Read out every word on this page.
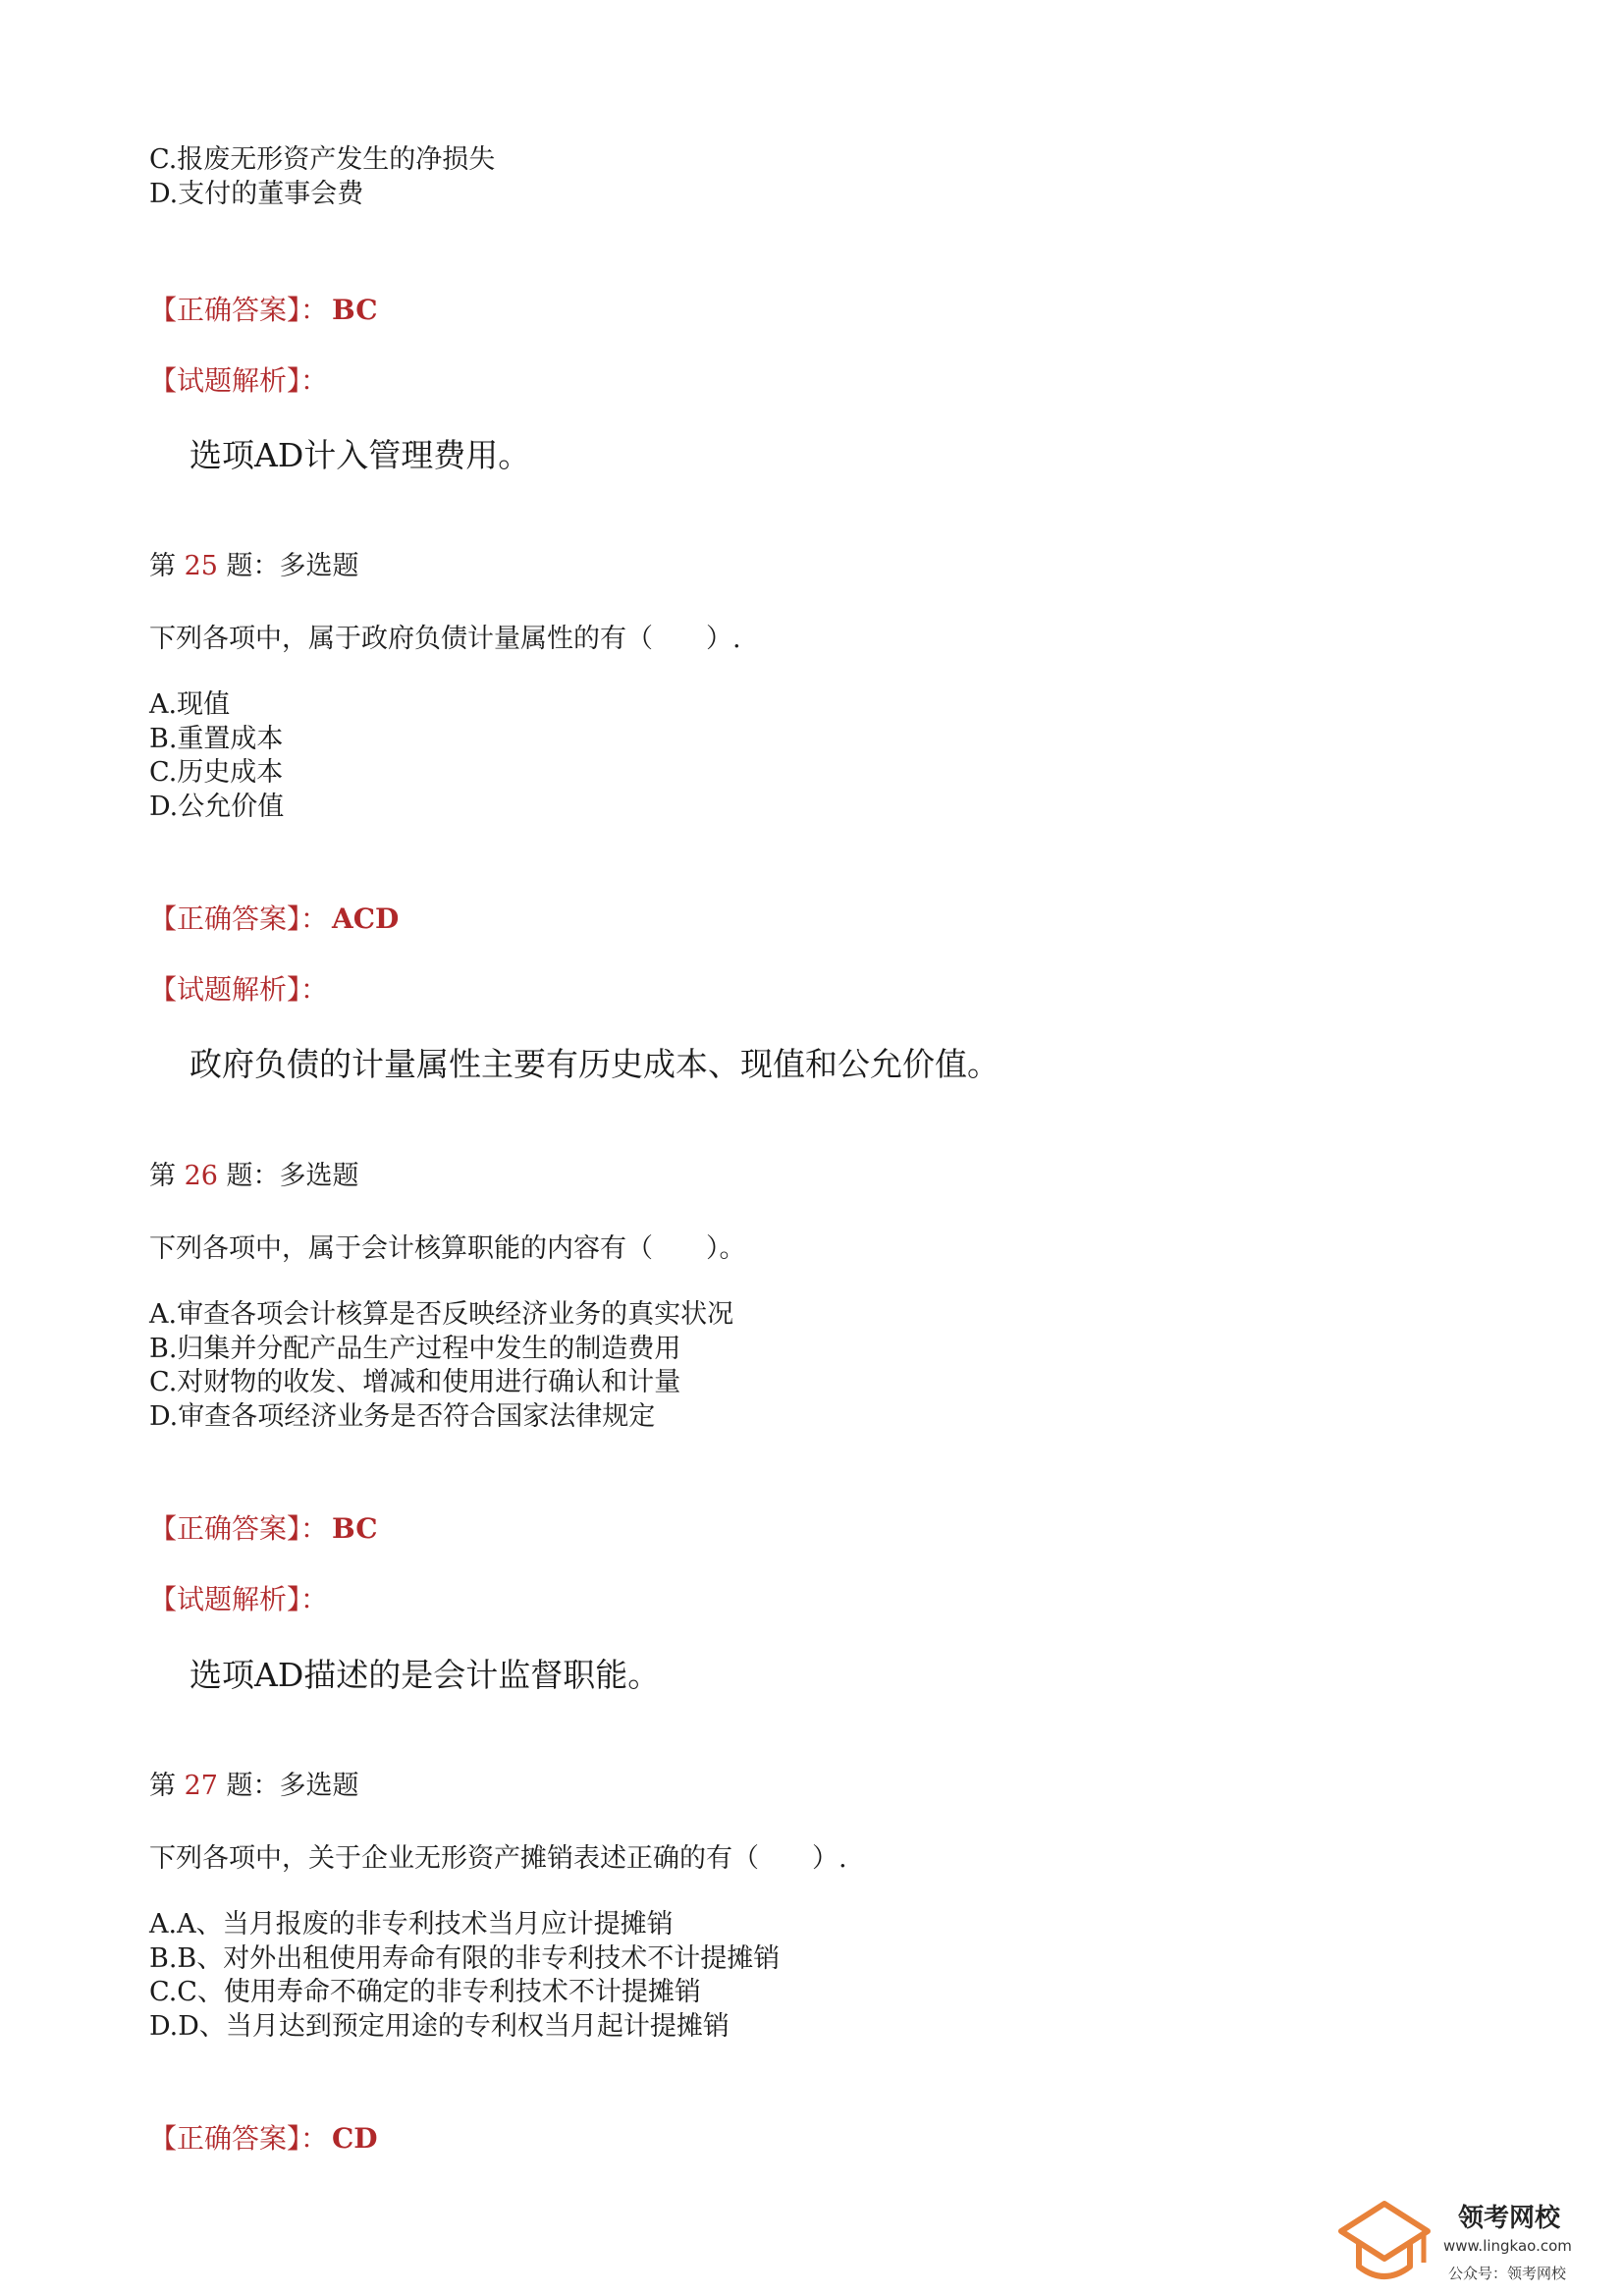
C.报废无形资产发生的净损失
D.支付的董事会费
【正确答案】： BC
【试题解析】：
选项AD计入管理费用。
第 25 题：多选题
下列各项中，属于政府负债计量属性的有（　　）.
A.现值
B.重置成本
C.历史成本
D.公允价值
【正确答案】： ACD
【试题解析】：
政府负债的计量属性主要有历史成本、现值和公允价值。
第 26 题：多选题
下列各项中，属于会计核算职能的内容有（　　）。
A.审查各项会计核算是否反映经济业务的真实状况
B.归集并分配产品生产过程中发生的制造费用
C.对财物的收发、增减和使用进行确认和计量
D.审查各项经济业务是否符合国家法律规定
【正确答案】： BC
【试题解析】：
选项AD描述的是会计监督职能。
第 27 题：多选题
下列各项中，关于企业无形资产摊销表述正确的有（　　）.
A.A、当月报废的非专利技术当月应计提摊销
B.B、对外出租使用寿命有限的非专利技术不计提摊销
C.C、使用寿命不确定的非专利技术不计提摊销
D.D、当月达到预定用途的专利权当月起计提摊销
【正确答案】： CD
领考网校
www.lingkao.com
公众号：领考网校
